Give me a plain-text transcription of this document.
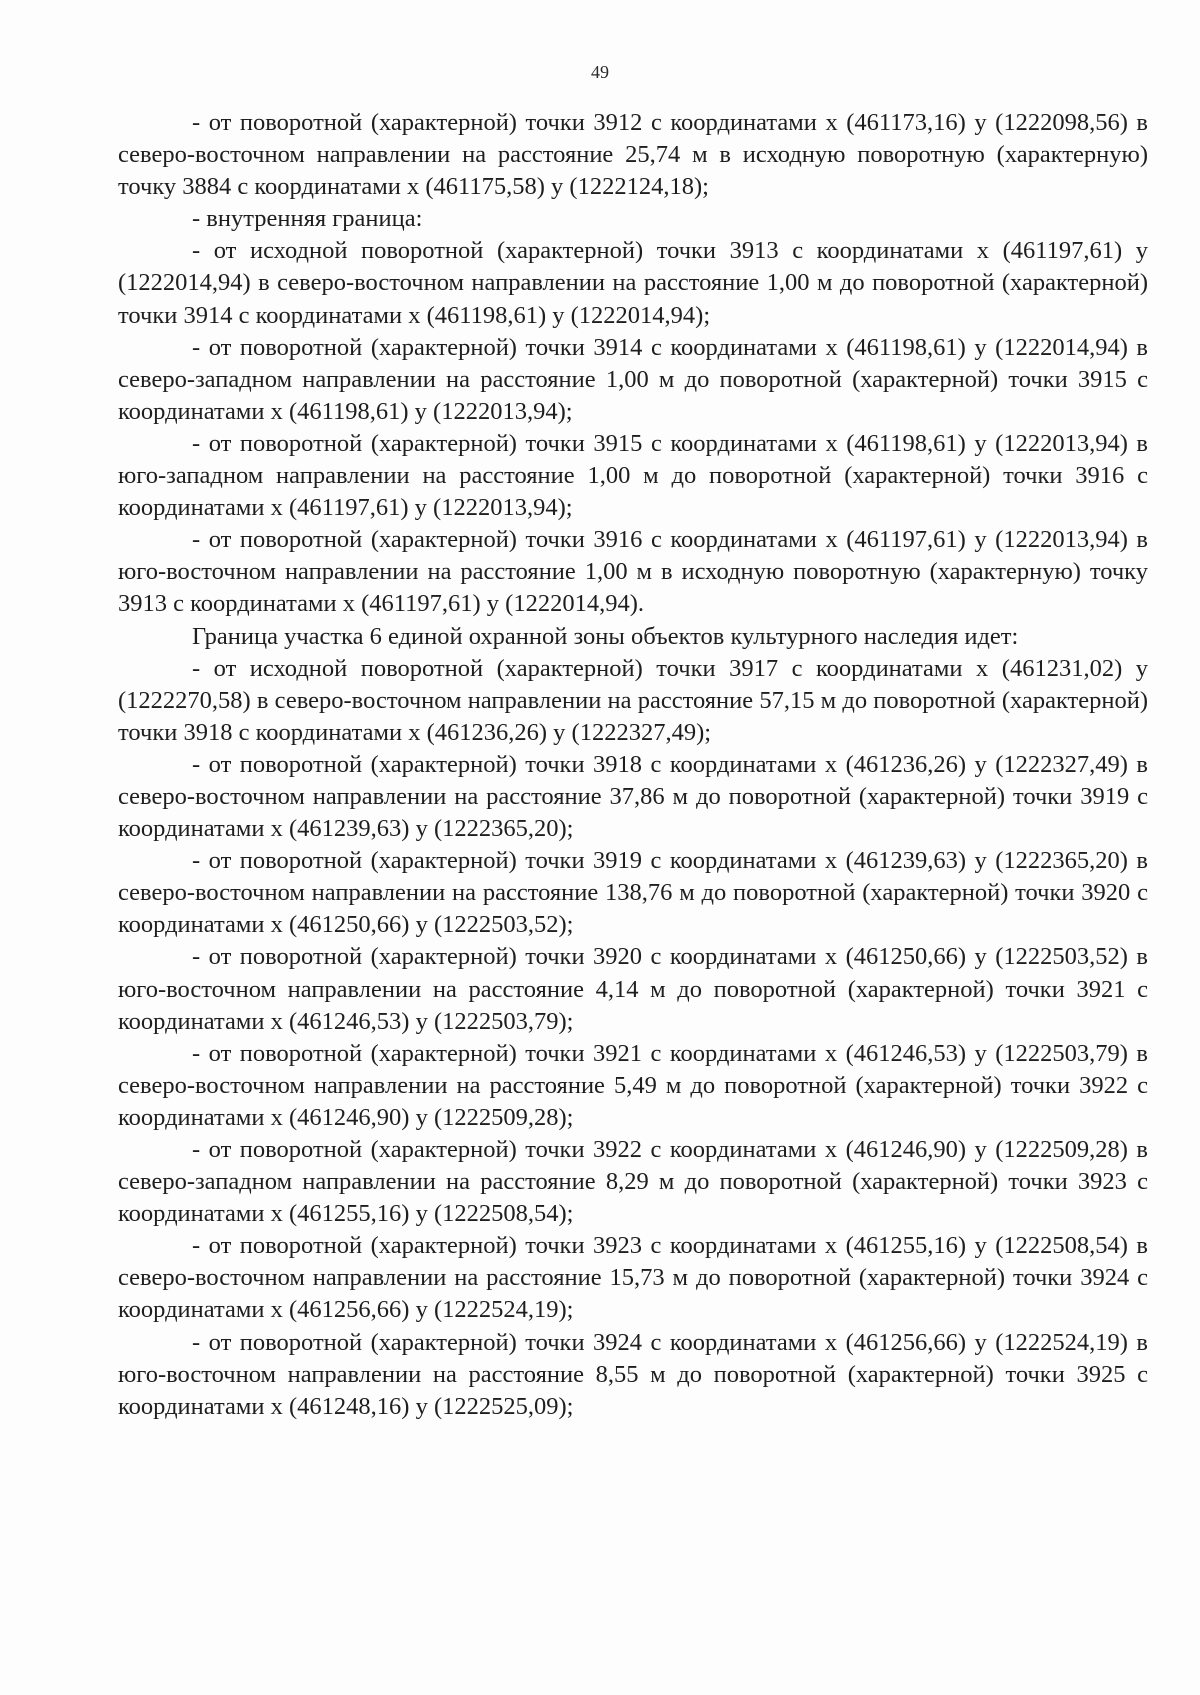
49

- от поворотной (характерной) точки 3912 с координатами x (461173,16) y (1222098,56) в северо-восточном направлении на расстояние 25,74 м в исходную поворотную (характерную) точку 3884 с координатами x (461175,58) y (1222124,18);

- внутренняя граница:

- от исходной поворотной (характерной) точки 3913 с координатами x (461197,61) y (1222014,94) в северо-восточном направлении на расстояние 1,00 м до поворотной (характерной) точки 3914 с координатами x (461198,61) y (1222014,94);

- от поворотной (характерной) точки 3914 с координатами x (461198,61) y (1222014,94) в северо-западном направлении на расстояние 1,00 м до поворотной (характерной) точки 3915 с координатами x (461198,61) y (1222013,94);

- от поворотной (характерной) точки 3915 с координатами x (461198,61) y (1222013,94) в юго-западном направлении на расстояние 1,00 м до поворотной (характерной) точки 3916 с координатами x (461197,61) y (1222013,94);

- от поворотной (характерной) точки 3916 с координатами x (461197,61) y (1222013,94) в юго-восточном направлении на расстояние 1,00 м в исходную поворотную (характерную) точку 3913 с координатами x (461197,61) y (1222014,94).

Граница участка 6 единой охранной зоны объектов культурного наследия идет:

- от исходной поворотной (характерной) точки 3917 с координатами x (461231,02) y (1222270,58) в северо-восточном направлении на расстояние 57,15 м до поворотной (характерной) точки 3918 с координатами x (461236,26) y (1222327,49);

- от поворотной (характерной) точки 3918 с координатами x (461236,26) y (1222327,49) в северо-восточном направлении на расстояние 37,86 м до поворотной (характерной) точки 3919 с координатами x (461239,63) y (1222365,20);

- от поворотной (характерной) точки 3919 с координатами x (461239,63) y (1222365,20) в северо-восточном направлении на расстояние 138,76 м до поворотной (характерной) точки 3920 с координатами x (461250,66) y (1222503,52);

- от поворотной (характерной) точки 3920 с координатами x (461250,66) y (1222503,52) в юго-восточном направлении на расстояние 4,14 м до поворотной (характерной) точки 3921 с координатами x (461246,53) y (1222503,79);

- от поворотной (характерной) точки 3921 с координатами x (461246,53) y (1222503,79) в северо-восточном направлении на расстояние 5,49 м до поворотной (характерной) точки 3922 с координатами x (461246,90) y (1222509,28);

- от поворотной (характерной) точки 3922 с координатами x (461246,90) y (1222509,28) в северо-западном направлении на расстояние 8,29 м до поворотной (характерной) точки 3923 с координатами x (461255,16) y (1222508,54);

- от поворотной (характерной) точки 3923 с координатами x (461255,16) y (1222508,54) в северо-восточном направлении на расстояние 15,73 м до поворотной (характерной) точки 3924 с координатами x (461256,66) y (1222524,19);

- от поворотной (характерной) точки 3924 с координатами x (461256,66) y (1222524,19) в юго-восточном направлении на расстояние 8,55 м до поворотной (характерной) точки 3925 с координатами x (461248,16) y (1222525,09);
